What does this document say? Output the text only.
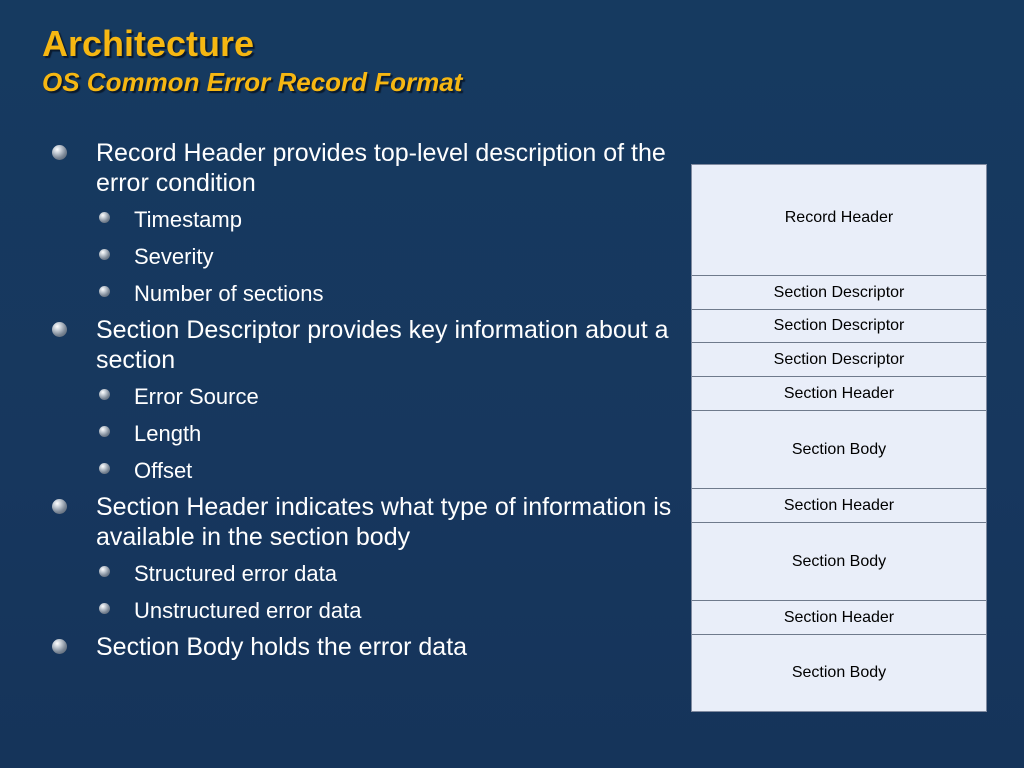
Architecture
OS Common Error Record Format
Record Header provides top-level description of the error condition
Timestamp
Severity
Number of sections
Section Descriptor provides key information about a section
Error Source
Length
Offset
Section Header indicates what type of information is available in the section body
Structured error data
Unstructured error data
Section Body holds the error data
Record Header
Section Descriptor
Section Descriptor
Section Descriptor
Section Header
Section Body
Section Header
Section Body
Section Header
Section Body
